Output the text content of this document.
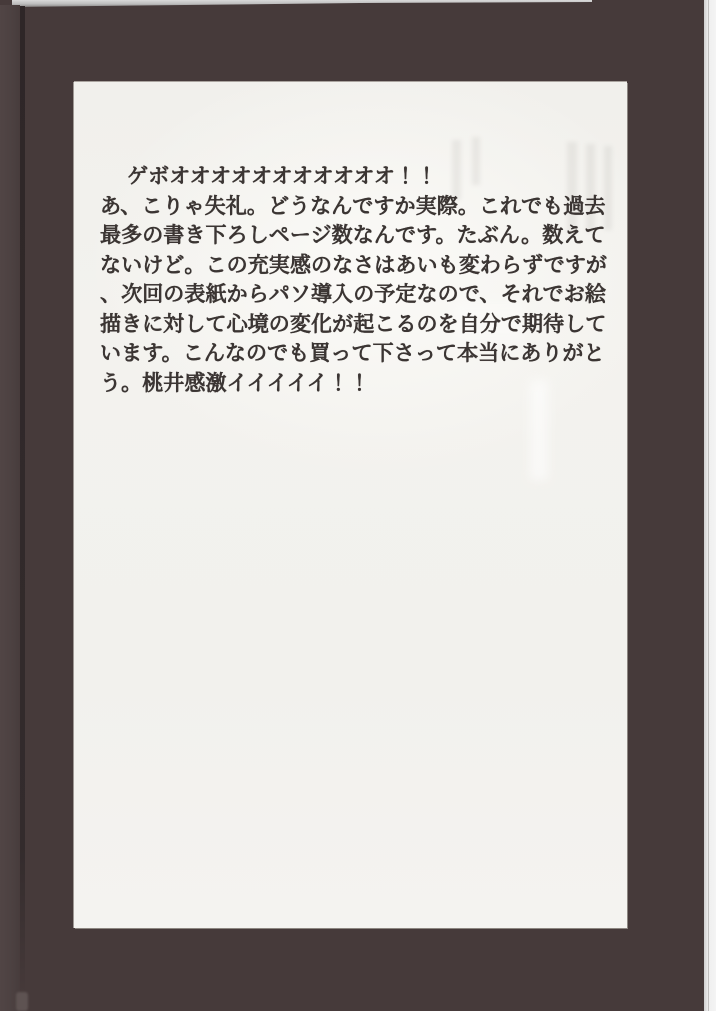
ゲボオオオオオオオオオオオ！！
あ、こりゃ失礼。どうなんですか実際。これでも過去
最多の書き下ろしページ数なんです。たぶん。数えて
ないけど。この充実感のなさはあいも変わらずですが
、次回の表紙からパソ導入の予定なので、それでお絵
描きに対して心境の変化が起こるのを自分で期待して
います。こんなのでも買って下さって本当にありがと
う。桃井感激イイイイイ！！
